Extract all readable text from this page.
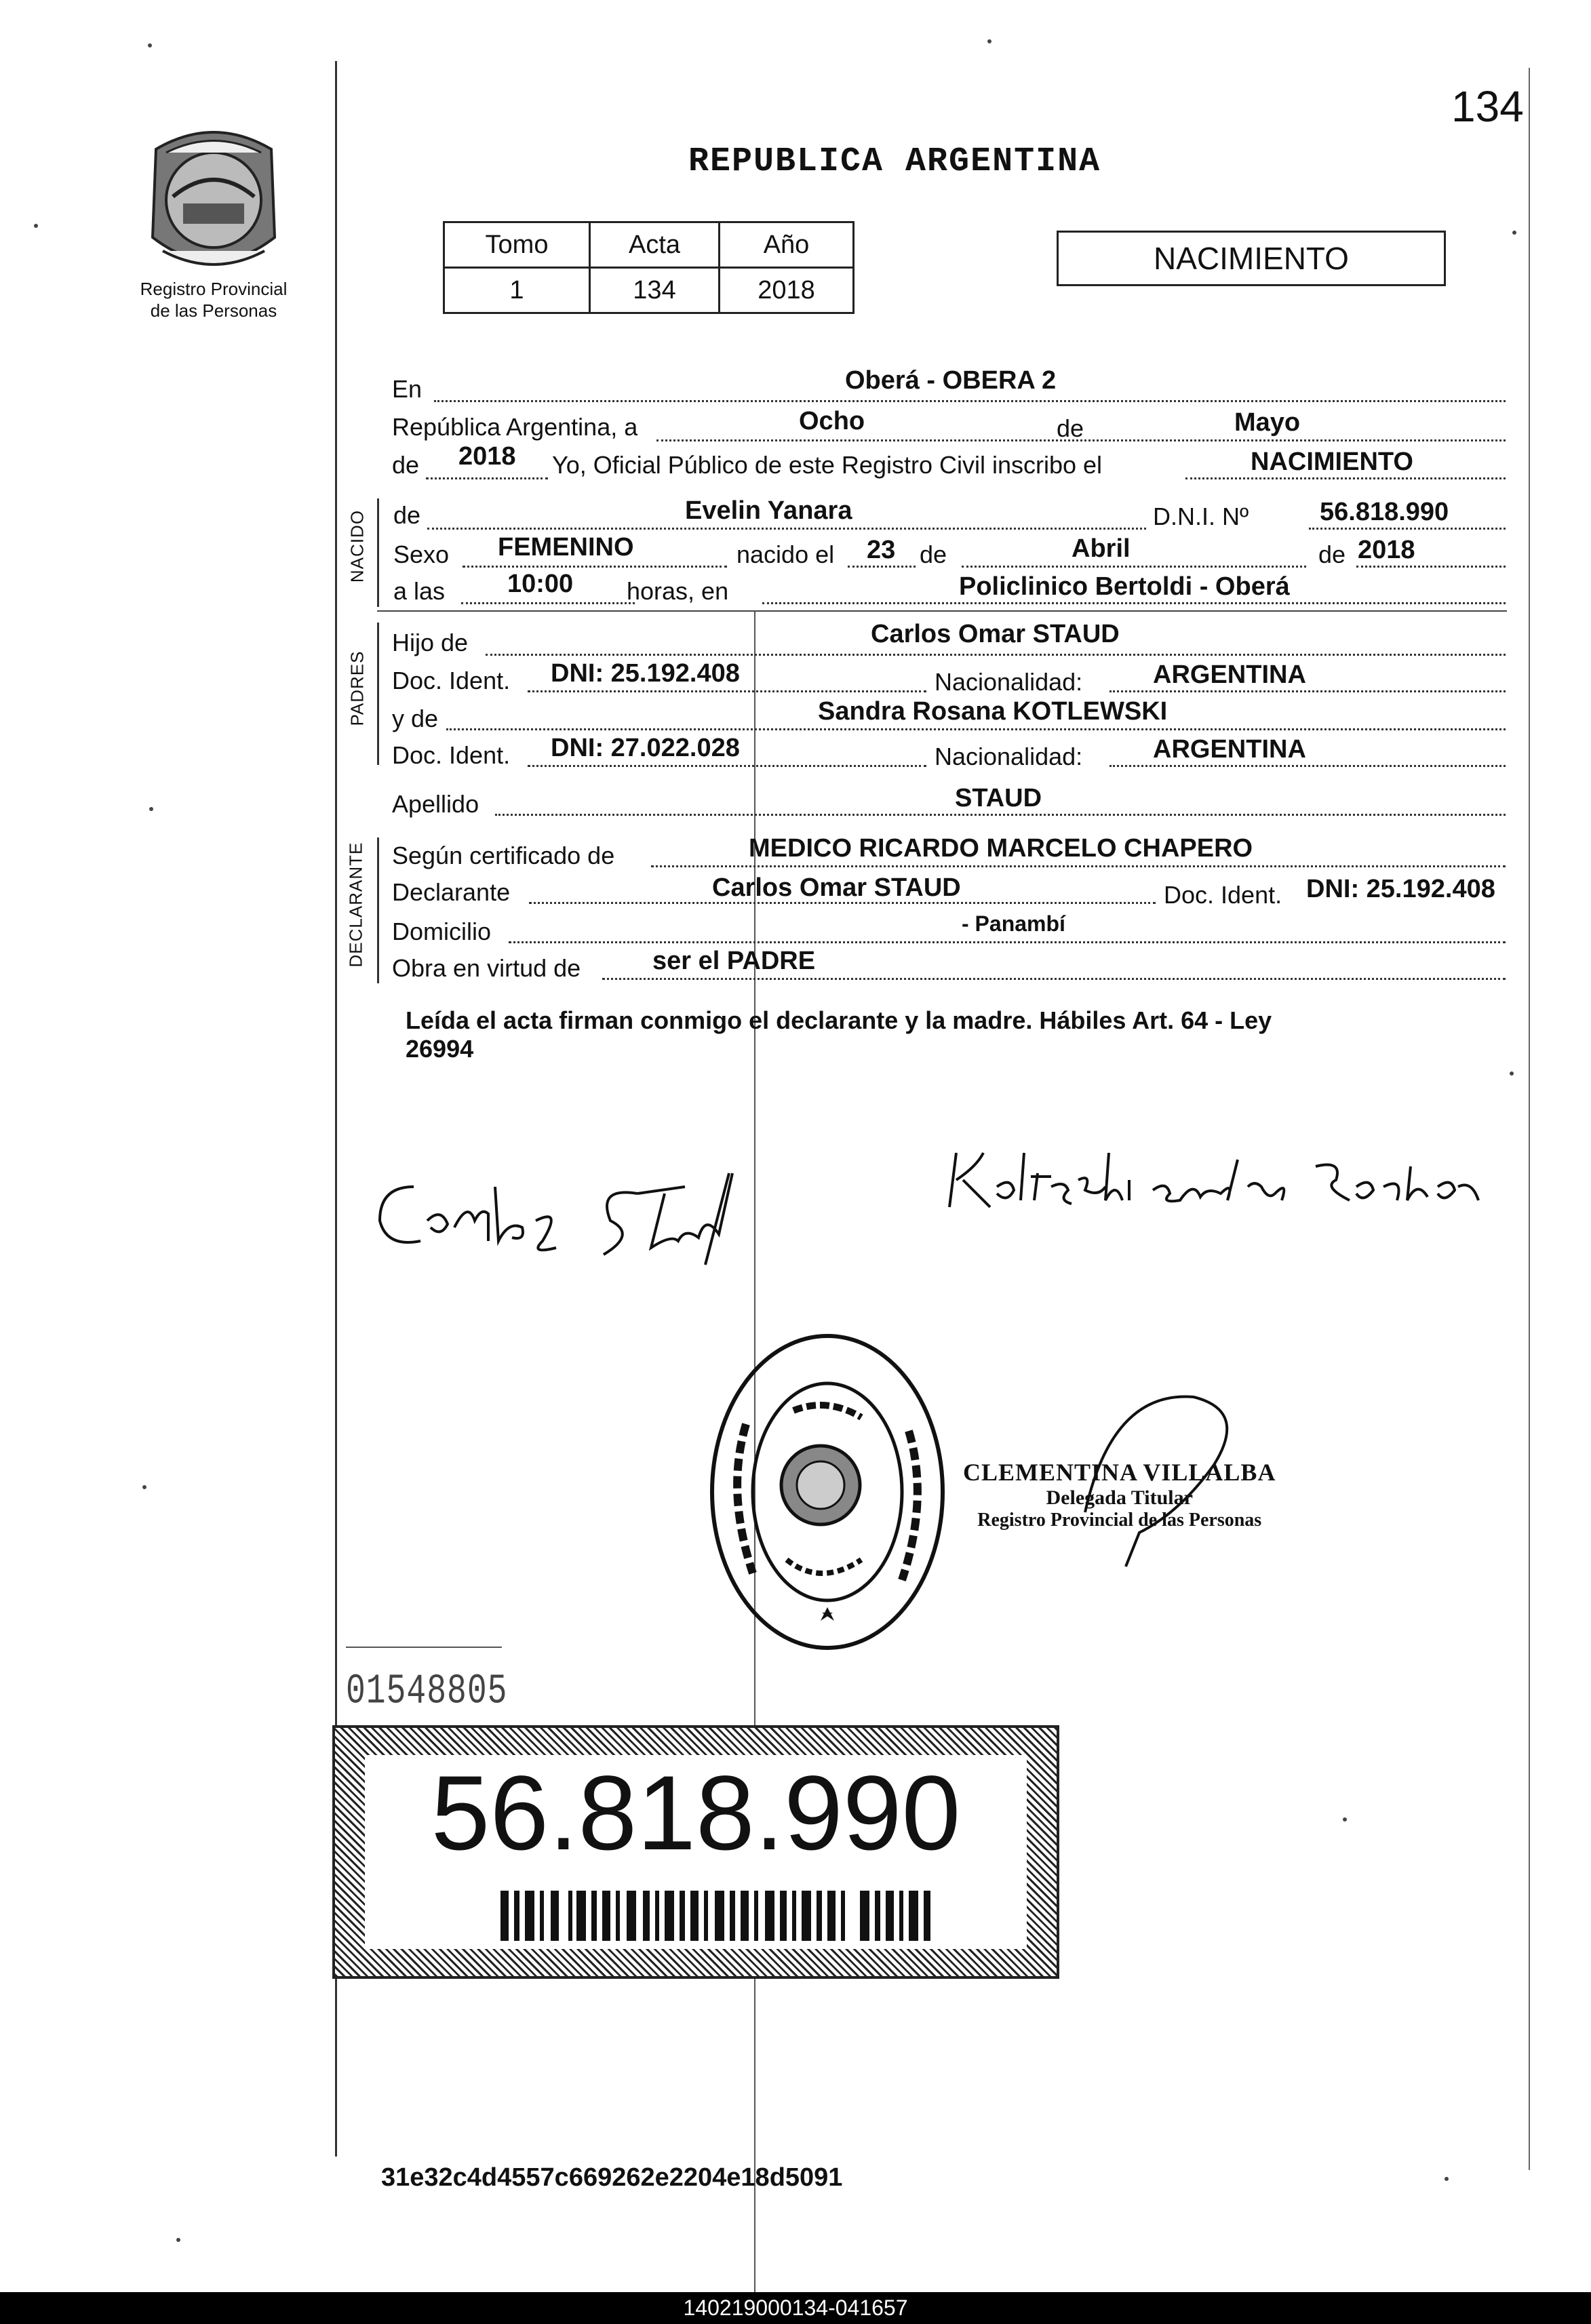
134
Registro Provincial
de las Personas
REPUBLICA ARGENTINA
Tomo	Acta	Año
1	134	2018
NACIMIENTO
En	Oberá - OBERA 2
República Argentina, a	Ocho	de	Mayo
de 2018 Yo, Oficial Público de este Registro Civil inscribo el	NACIMIENTO
NACIDO de	Evelin Yanara	D.N.I. Nº	56.818.990
Sexo FEMENINO	nacido el 23 de	Abril	de 2018
a las 10:00 horas, en	Policlinico Bertoldi - Oberá
PADRES
Hijo de	Carlos Omar STAUD
Doc. Ident. DNI: 25.192.408	Nacionalidad:	ARGENTINA
y de	Sandra Rosana KOTLEWSKI
Doc. Ident. DNI: 27.022.028	Nacionalidad:	ARGENTINA
Apellido	STAUD
DECLARANTE Según certificado de	MEDICO RICARDO MARCELO CHAPERO
Declarante	Carlos Omar STAUD	Doc. Ident. DNI: 25.192.408
Domicilio	- Panambí
Obra en virtud de	ser el PADRE
Leída el acta firman conmigo el declarante y la madre. Hábiles Art. 64 - Ley
26994
CLEMENTINA VILLALBA
Delegada Titular
Registro Provincial de las Personas
01548805
56.818.990
31e32c4d4557c669262e2204e18d5091
140219000134-041657
